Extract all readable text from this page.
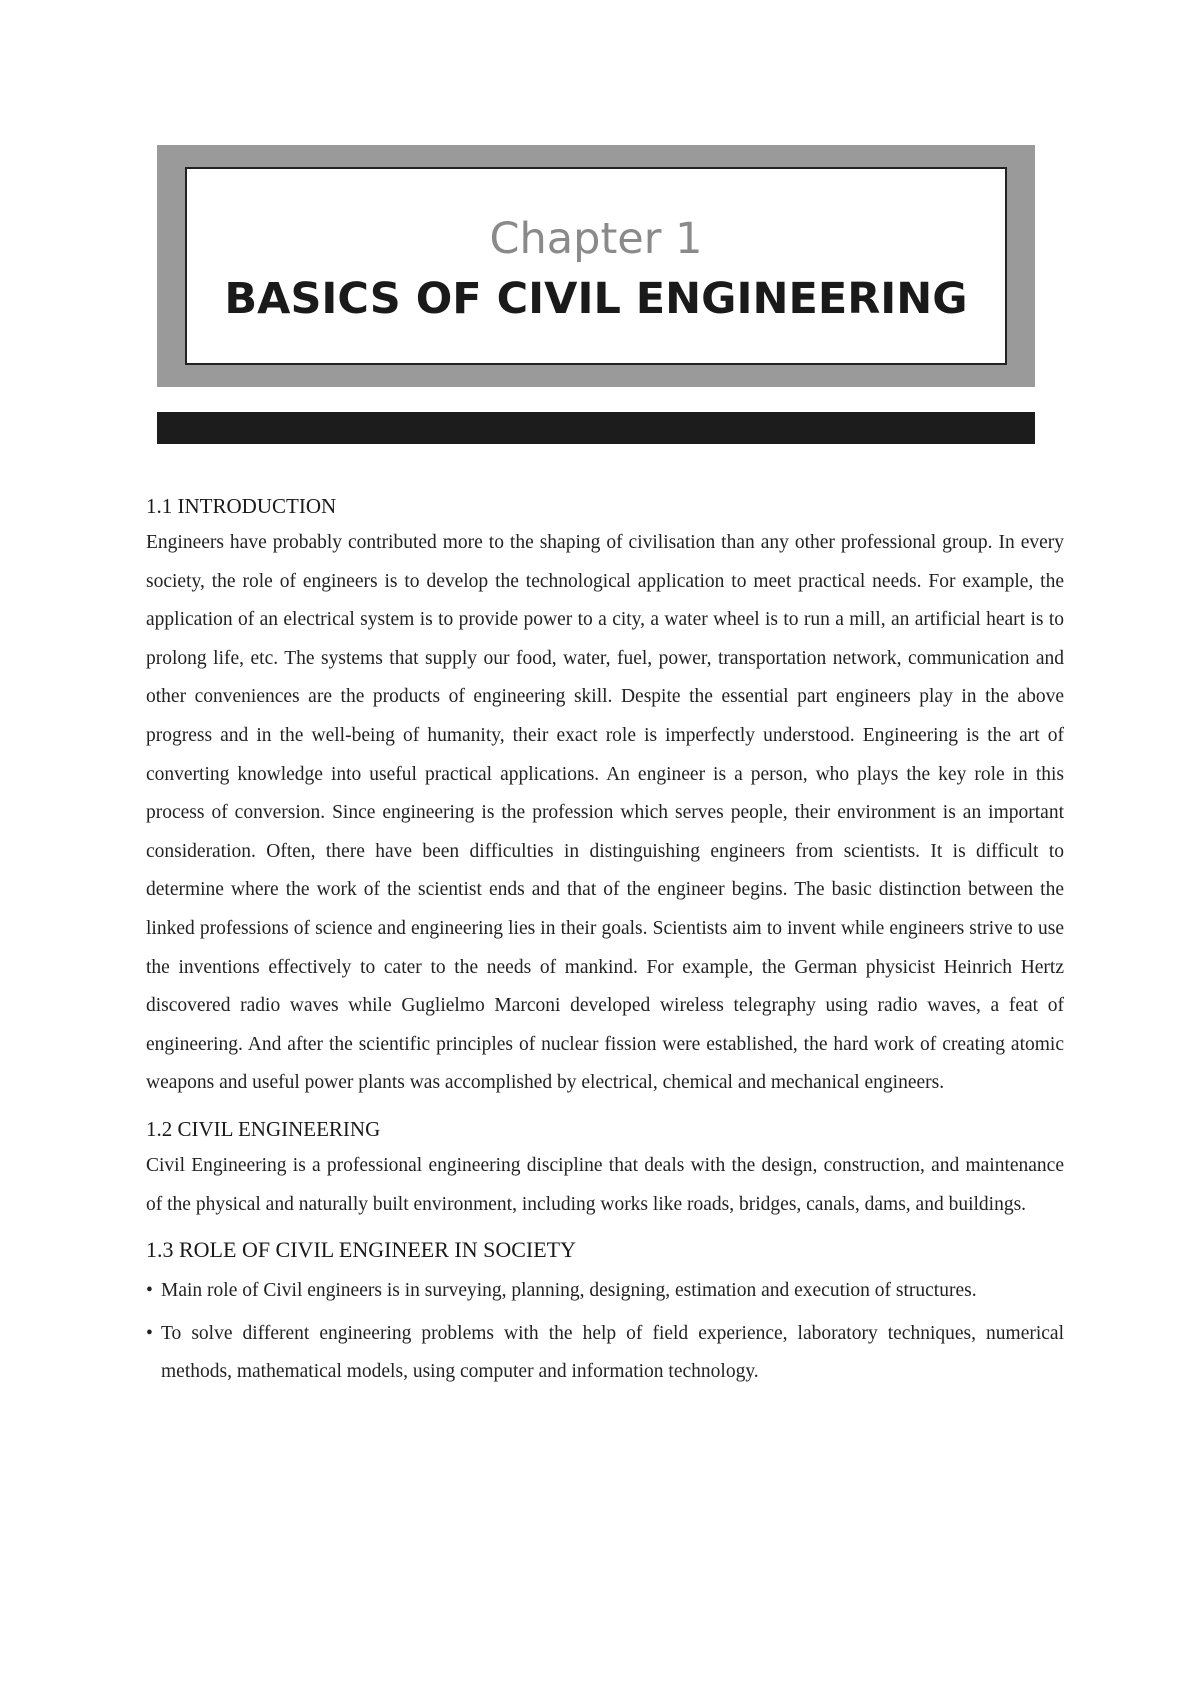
Chapter 1
BASICS OF CIVIL ENGINEERING
1.1 INTRODUCTION

Engineers have probably contributed more to the shaping of civilisation than any other professional group. In every society, the role of engineers is to develop the technological application to meet practical needs. For example, the application of an electrical system is to provide power to a city, a water wheel is to run a mill, an artificial heart is to prolong life, etc. The systems that supply our food, water, fuel, power, transportation network, communication and other conveniences are the products of engineering skill. Despite the essential part engineers play in the above progress and in the well-being of humanity, their exact role is imperfectly understood. Engineering is the art of converting knowledge into useful practical applications. An engineer is a person, who plays the key role in this process of conversion. Since engineering is the profession which serves people, their environment is an important consideration. Often, there have been difficulties in distinguishing engineers from scientists. It is difficult to determine where the work of the scientist ends and that of the engineer begins. The basic distinction between the linked professions of science and engineering lies in their goals. Scientists aim to invent while engineers strive to use the inventions effectively to cater to the needs of mankind. For example, the German physicist Heinrich Hertz discovered radio waves while Guglielmo Marconi developed wireless telegraphy using radio waves, a feat of engineering. And after the scientific principles of nuclear fission were established, the hard work of creating atomic weapons and useful power plants was accomplished by electrical, chemical and mechanical engineers.

1.2 CIVIL ENGINEERING

Civil Engineering is a professional engineering discipline that deals with the design, construction, and maintenance of the physical and naturally built environment, including works like roads, bridges, canals, dams, and buildings.

1.3 ROLE OF CIVIL ENGINEER IN SOCIETY
• Main role of Civil engineers is in surveying, planning, designing, estimation and execution of structures.
• To solve different engineering problems with the help of field experience, laboratory techniques, numerical methods, mathematical models, using computer and information technology.
